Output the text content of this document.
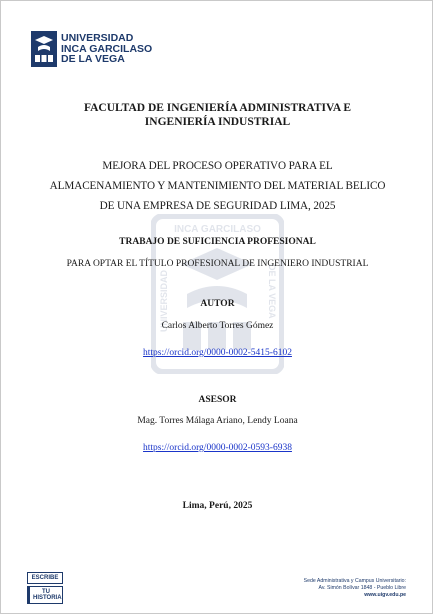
UNIVERSIDAD
INCA GARCILASO
DE LA VEGA
INCA GARCILASO
UNIVERSIDAD	DE LA VEGA
FACULTAD DE INGENIERÍA ADMINISTRATIVA E INGENIERÍA INDUSTRIAL
MEJORA DEL PROCESO OPERATIVO PARA EL ALMACENAMIENTO Y MANTENIMIENTO DEL MATERIAL BELICO DE UNA EMPRESA DE SEGURIDAD LIMA, 2025
TRABAJO DE SUFICIENCIA PROFESIONAL
PARA OPTAR EL TÍTULO PROFESIONAL DE INGENIERO INDUSTRIAL
AUTOR
Carlos Alberto Torres Gómez
https://orcid.org/0000-0002-5415-6102
ASESOR
Mag. Torres Málaga Ariano, Lendy Loana
https://orcid.org/0000-0002-0593-6938
Lima, Perú, 2025
ESCRIBE
TU HISTORIA
Sede Administrativa y Campus Universitario:
Av. Simón Bolívar 1848 - Pueblo Libre
www.uigv.edu.pe
